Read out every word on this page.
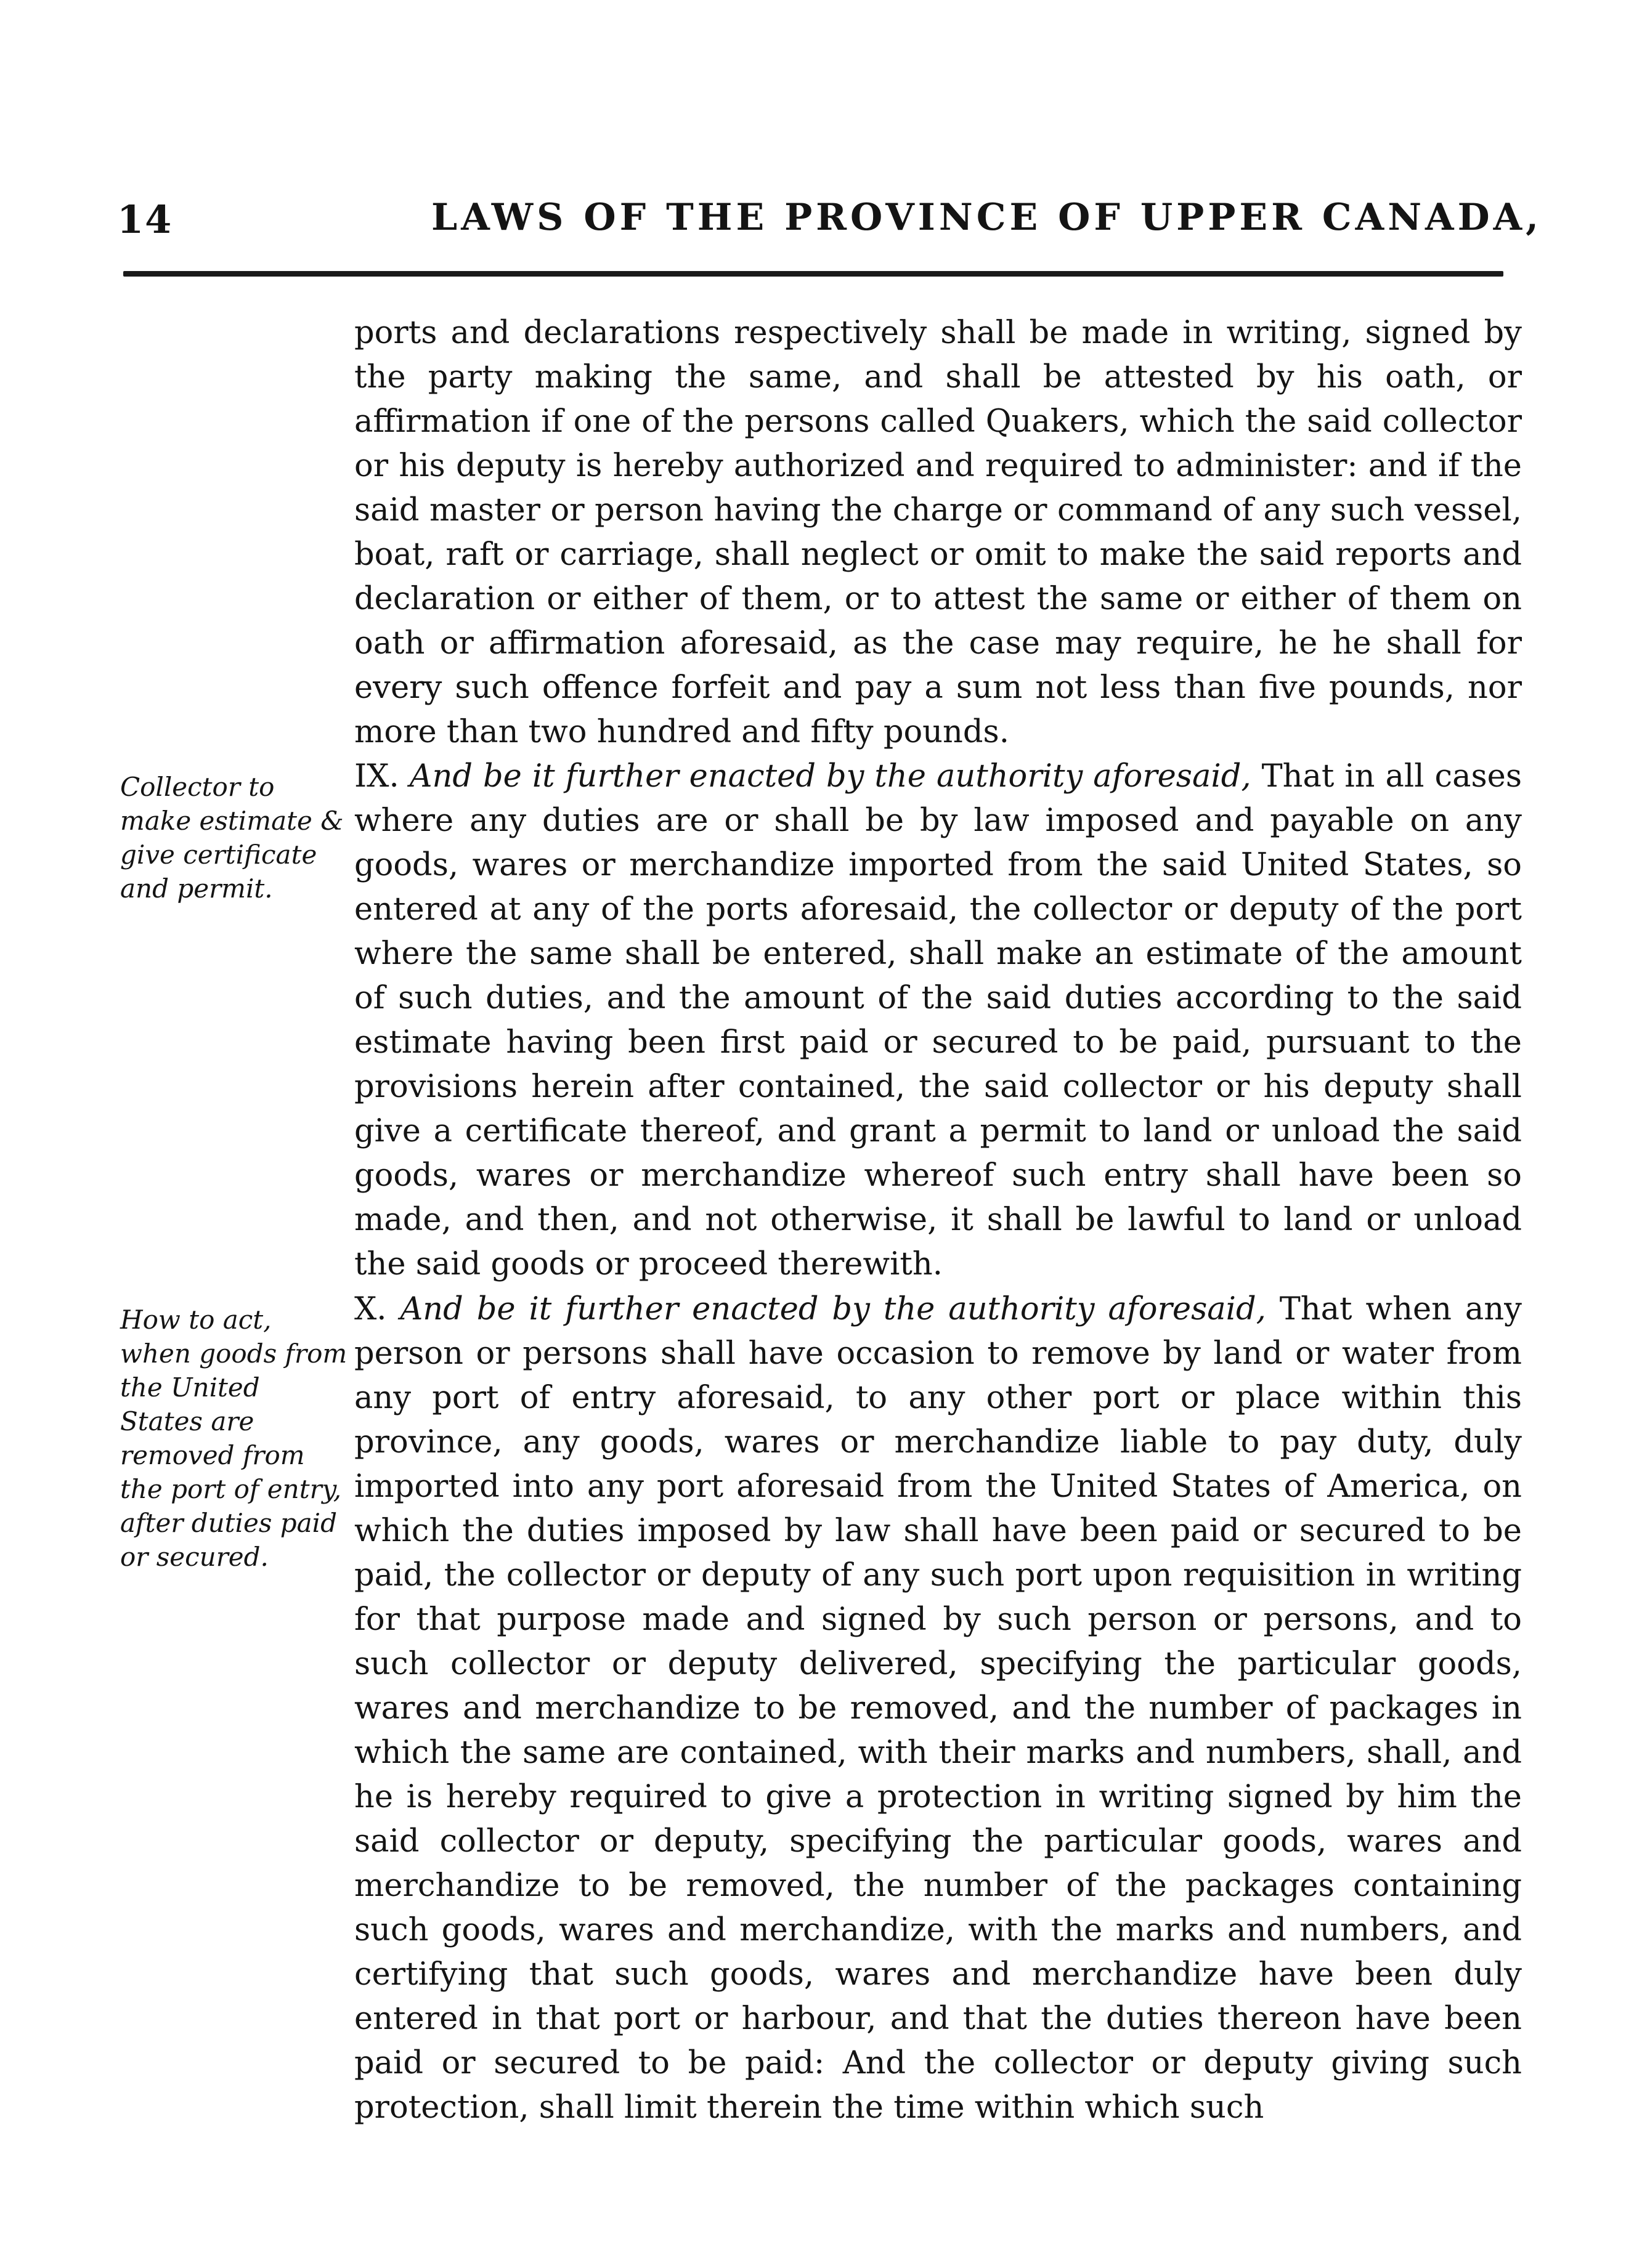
14	LAWS OF THE PROVINCE OF UPPER CANADA,

ports and declarations respectively shall be made in writing, signed by the party making the same, and shall be attested by his oath, or affirmation if one of the persons called Quakers, which the said collector or his deputy is hereby authorized and required to administer: and if the said master or person having the charge or command of any such vessel, boat, raft or carriage, shall neglect or omit to make the said reports and declaration or either of them, or to attest the same or either of them on oath or affirmation aforesaid, as the case may require, he he shall for every such offence forfeit and pay a sum not less than five pounds, nor more than two hundred and fifty pounds.

Collector to make estimate & give certificate and permit.

IX. And be it further enacted by the authority aforesaid, That in all cases where any duties are or shall be by law imposed and payable on any goods, wares or merchandize imported from the said United States, so entered at any of the ports aforesaid, the collector or deputy of the port where the same shall be entered, shall make an estimate of the amount of such duties, and the amount of the said duties according to the said estimate having been first paid or secured to be paid, pursuant to the provisions herein after contained, the said collector or his deputy shall give a certificate thereof, and grant a permit to land or unload the said goods, wares or merchandize whereof such entry shall have been so made, and then, and not otherwise, it shall be lawful to land or unload the said goods or proceed therewith.

How to act, when goods from the United States are removed from the port of entry, after duties paid or secured.

X. And be it further enacted by the authority aforesaid, That when any person or persons shall have occasion to remove by land or water from any port of entry aforesaid, to any other port or place within this province, any goods, wares or merchandize liable to pay duty, duly imported into any port aforesaid from the United States of America, on which the duties imposed by law shall have been paid or secured to be paid, the collector or deputy of any such port upon requisition in writing for that purpose made and signed by such person or persons, and to such collector or deputy delivered, specifying the particular goods, wares and merchandize to be removed, and the number of packages in which the same are contained, with their marks and numbers, shall, and he is hereby required to give a protection in writing signed by him the said collector or deputy, specifying the particular goods, wares and merchandize to be removed, the number of the packages containing such goods, wares and merchandize, with the marks and numbers, and certifying that such goods, wares and merchandize have been duly entered in that port or harbour, and that the duties thereon have been paid or secured to be paid: And the collector or deputy giving such protection, shall limit therein the time within which such
